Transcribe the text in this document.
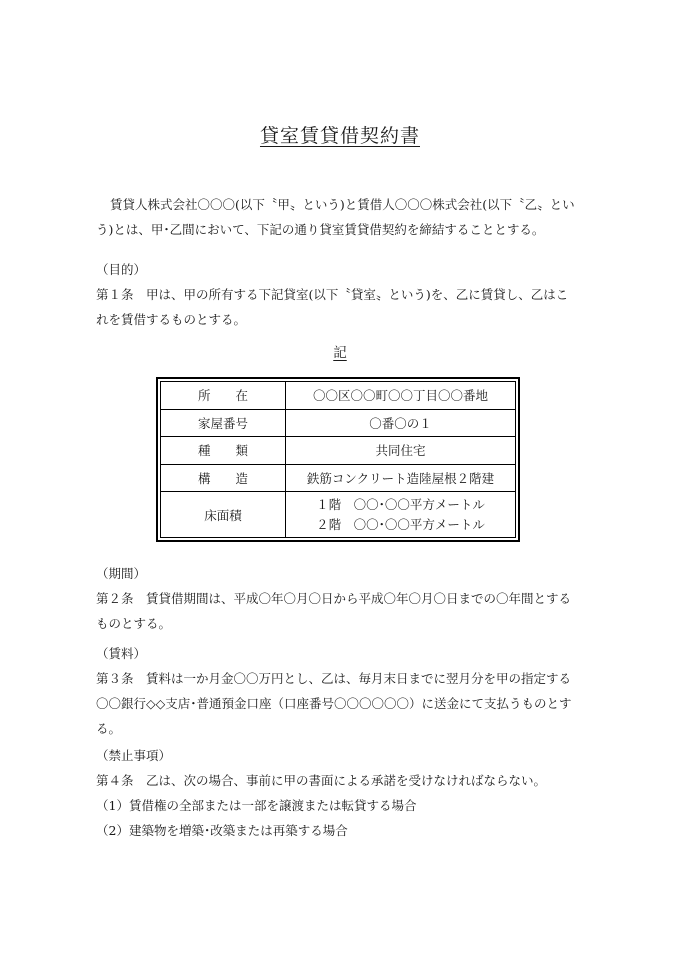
貸室賃貸借契約書
賃貸人株式会社〇〇〇(以下〝甲〟という)と賃借人〇〇〇株式会社(以下〝乙〟とい
う)とは、甲･乙間において、下記の通り貸室賃貸借契約を締結することとする。
（目的）
第１条　甲は、甲の所有する下記貸室(以下〝貸室〟という)を、乙に賃貸し、乙はこ
れを賃借するものとする。
記
所　　在	〇〇区〇〇町〇〇丁目〇〇番地
家屋番号	〇番〇の１
種　　類	共同住宅
構　　造	鉄筋コンクリート造陸屋根２階建
床面積	１階　〇〇･〇〇平方メートル
２階　〇〇･〇〇平方メートル
（期間）
第２条　賃貸借期間は、平成〇年〇月〇日から平成〇年〇月〇日までの〇年間とする
ものとする。
（賃料）
第３条　賃料は一か月金〇〇万円とし、乙は、毎月末日までに翌月分を甲の指定する
〇〇銀行◇◇支店･普通預金口座（口座番号〇〇〇〇〇〇）に送金にて支払うものとす
る。
（禁止事項）
第４条　乙は、次の場合、事前に甲の書面による承諾を受けなければならない。
（1）賃借権の全部または一部を譲渡または転貸する場合
（2）建築物を増築･改築または再築する場合
